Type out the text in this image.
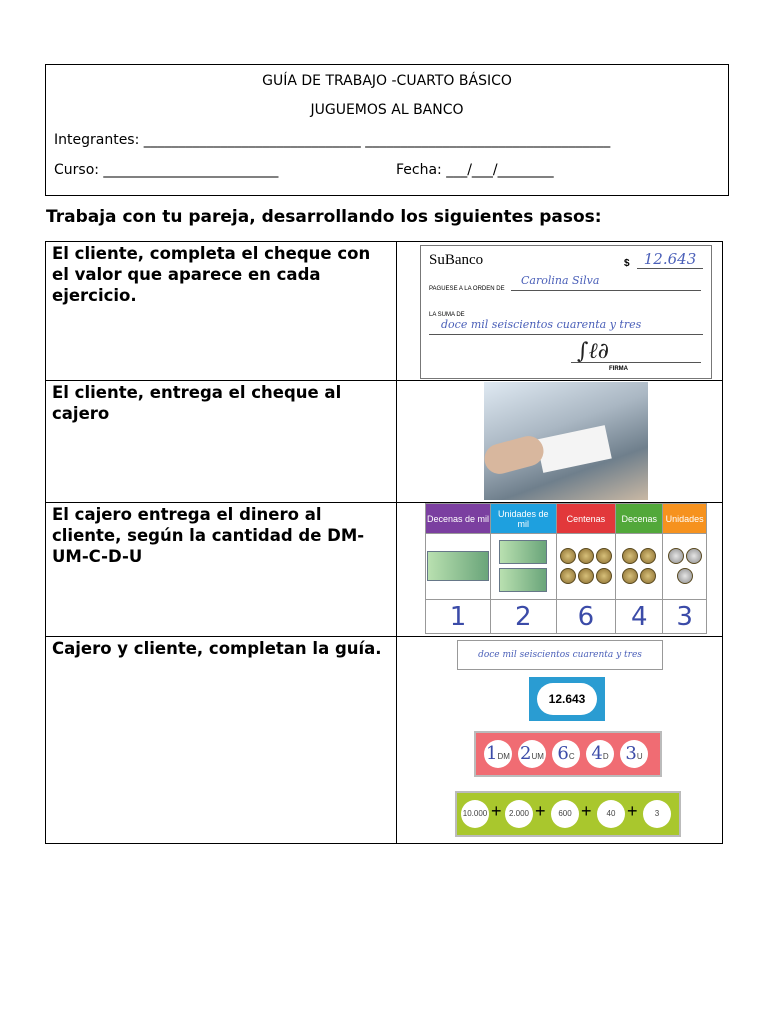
GUÍA DE TRABAJO -CUARTO BÁSICO
JUGUEMOS AL BANCO
Integrantes: _______________________________ ___________________________________
Curso: _________________________	Fecha: ___/___/________
Trabaja con tu pareja, desarrollando los siguientes pasos:
El cliente, completa el cheque con el valor que aparece en cada ejercicio.	
SuBanco	$ 12.643
PAGUESE A LA ORDEN DE
Carolina Silva
LA SUMA DE
doce mil seiscientos cuarenta y tres
∫ℓ∂
FIRMA

El cliente, entrega el cheque al cajero	

El cajero entrega el dinero al cliente, según la cantidad de DM-UM-C-D-U	
Decenas de mil	Unidades de mil	Centenas	Decenas	Unidades

1	2	6	4	3

Cajero y cliente, completan la guía.	doce mil seiscientos cuarenta y tres
12.643
1DM 2UM 6C 4D 3U
10.000 + 2.000 +	600 +	40 +	3
